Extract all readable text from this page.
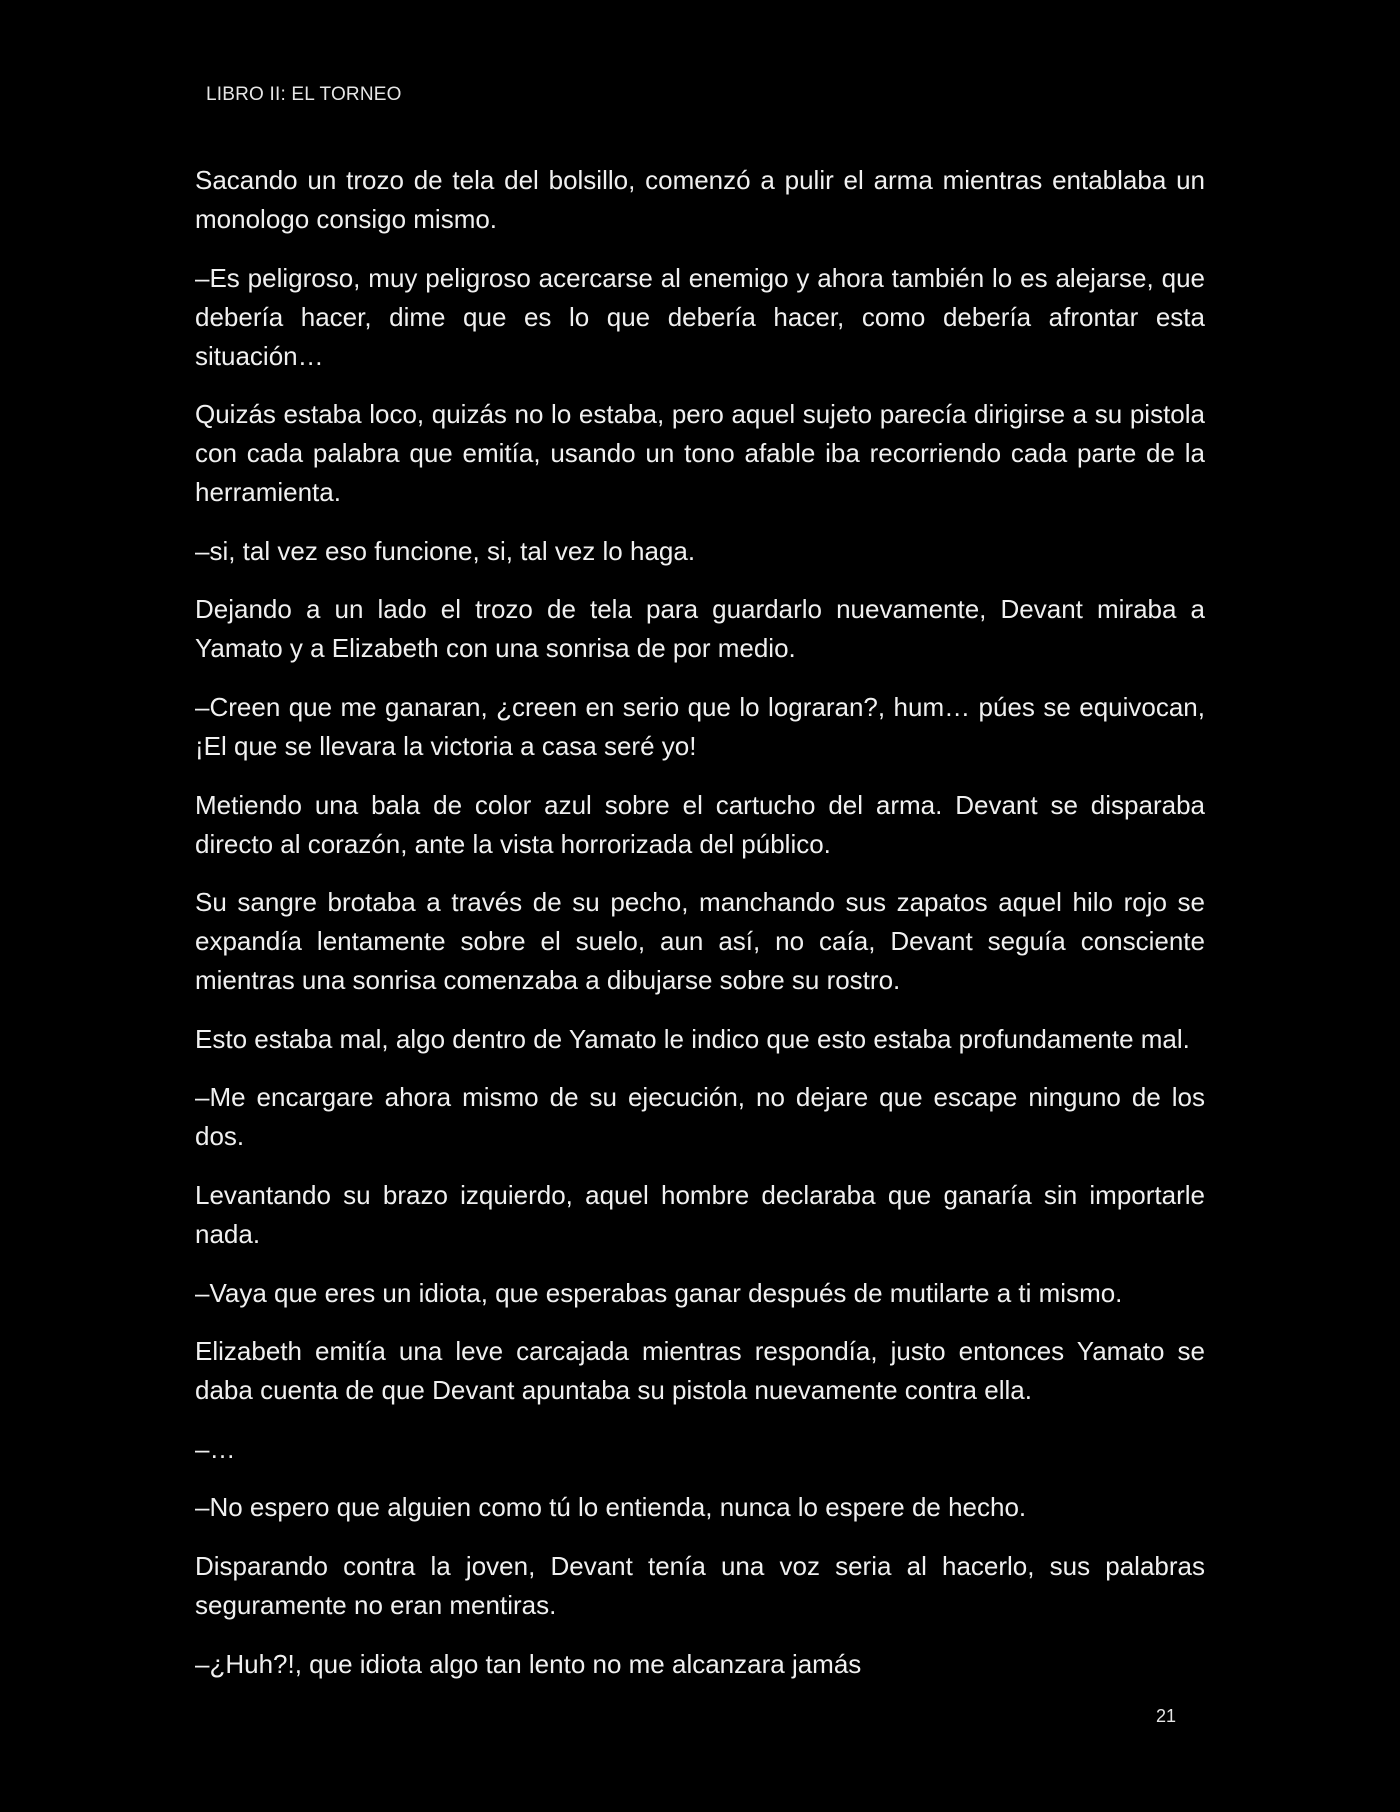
LIBRO II: EL TORNEO

Sacando un trozo de tela del bolsillo, comenzó a pulir el arma mientras entablaba un monologo consigo mismo.

–Es peligroso, muy peligroso acercarse al enemigo y ahora también lo es alejarse, que debería hacer, dime que es lo que debería hacer, como debería afrontar esta situación…

Quizás estaba loco, quizás no lo estaba, pero aquel sujeto parecía dirigirse a su pistola con cada palabra que emitía, usando un tono afable iba recorriendo cada parte de la herramienta.

–si, tal vez eso funcione, si, tal vez lo haga.

Dejando a un lado el trozo de tela para guardarlo nuevamente, Devant miraba a Yamato y a Elizabeth con una sonrisa de por medio.

–Creen que me ganaran, ¿creen en serio que lo lograran?, hum… púes se equivocan, ¡El que se llevara la victoria a casa seré yo!

Metiendo una bala de color azul sobre el cartucho del arma. Devant se disparaba directo al corazón, ante la vista horrorizada del público.

Su sangre brotaba a través de su pecho, manchando sus zapatos aquel hilo rojo se expandía lentamente sobre el suelo, aun así, no caía, Devant seguía consciente mientras una sonrisa comenzaba a dibujarse sobre su rostro.

Esto estaba mal, algo dentro de Yamato le indico que esto estaba profundamente mal.

–Me encargare ahora mismo de su ejecución, no dejare que escape ninguno de los dos.

Levantando su brazo izquierdo, aquel hombre declaraba que ganaría sin importarle nada.

–Vaya que eres un idiota, que esperabas ganar después de mutilarte a ti mismo.

Elizabeth emitía una leve carcajada mientras respondía, justo entonces Yamato se daba cuenta de que Devant apuntaba su pistola nuevamente contra ella.

–…

–No espero que alguien como tú lo entienda, nunca lo espere de hecho.

Disparando contra la joven, Devant tenía una voz seria al hacerlo, sus palabras seguramente no eran mentiras.

–¿Huh?!, que idiota algo tan lento no me alcanzara jamás

21
